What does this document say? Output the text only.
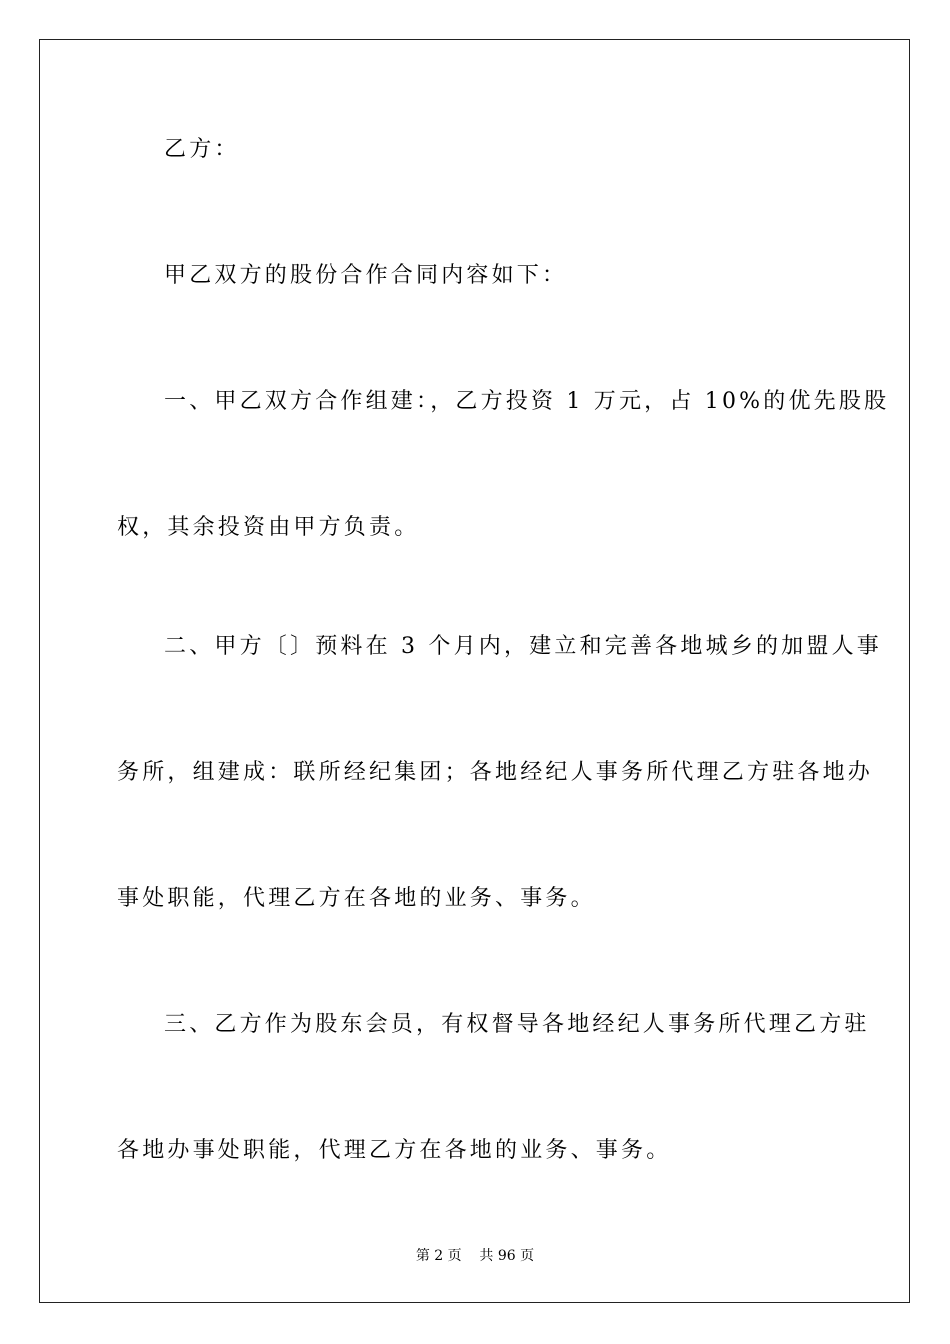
乙方：
甲乙双方的股份合作合同内容如下：
一、甲乙双方合作组建：，乙方投资 1 万元，占 10%的优先股股
权，其余投资由甲方负责。
二、甲方〔〕预料在 3 个月内，建立和完善各地城乡的加盟人事
务所，组建成：联所经纪集团；各地经纪人事务所代理乙方驻各地办
事处职能，代理乙方在各地的业务、事务。
三、乙方作为股东会员，有权督导各地经纪人事务所代理乙方驻
各地办事处职能，代理乙方在各地的业务、事务。
第 2 页    共 96 页
